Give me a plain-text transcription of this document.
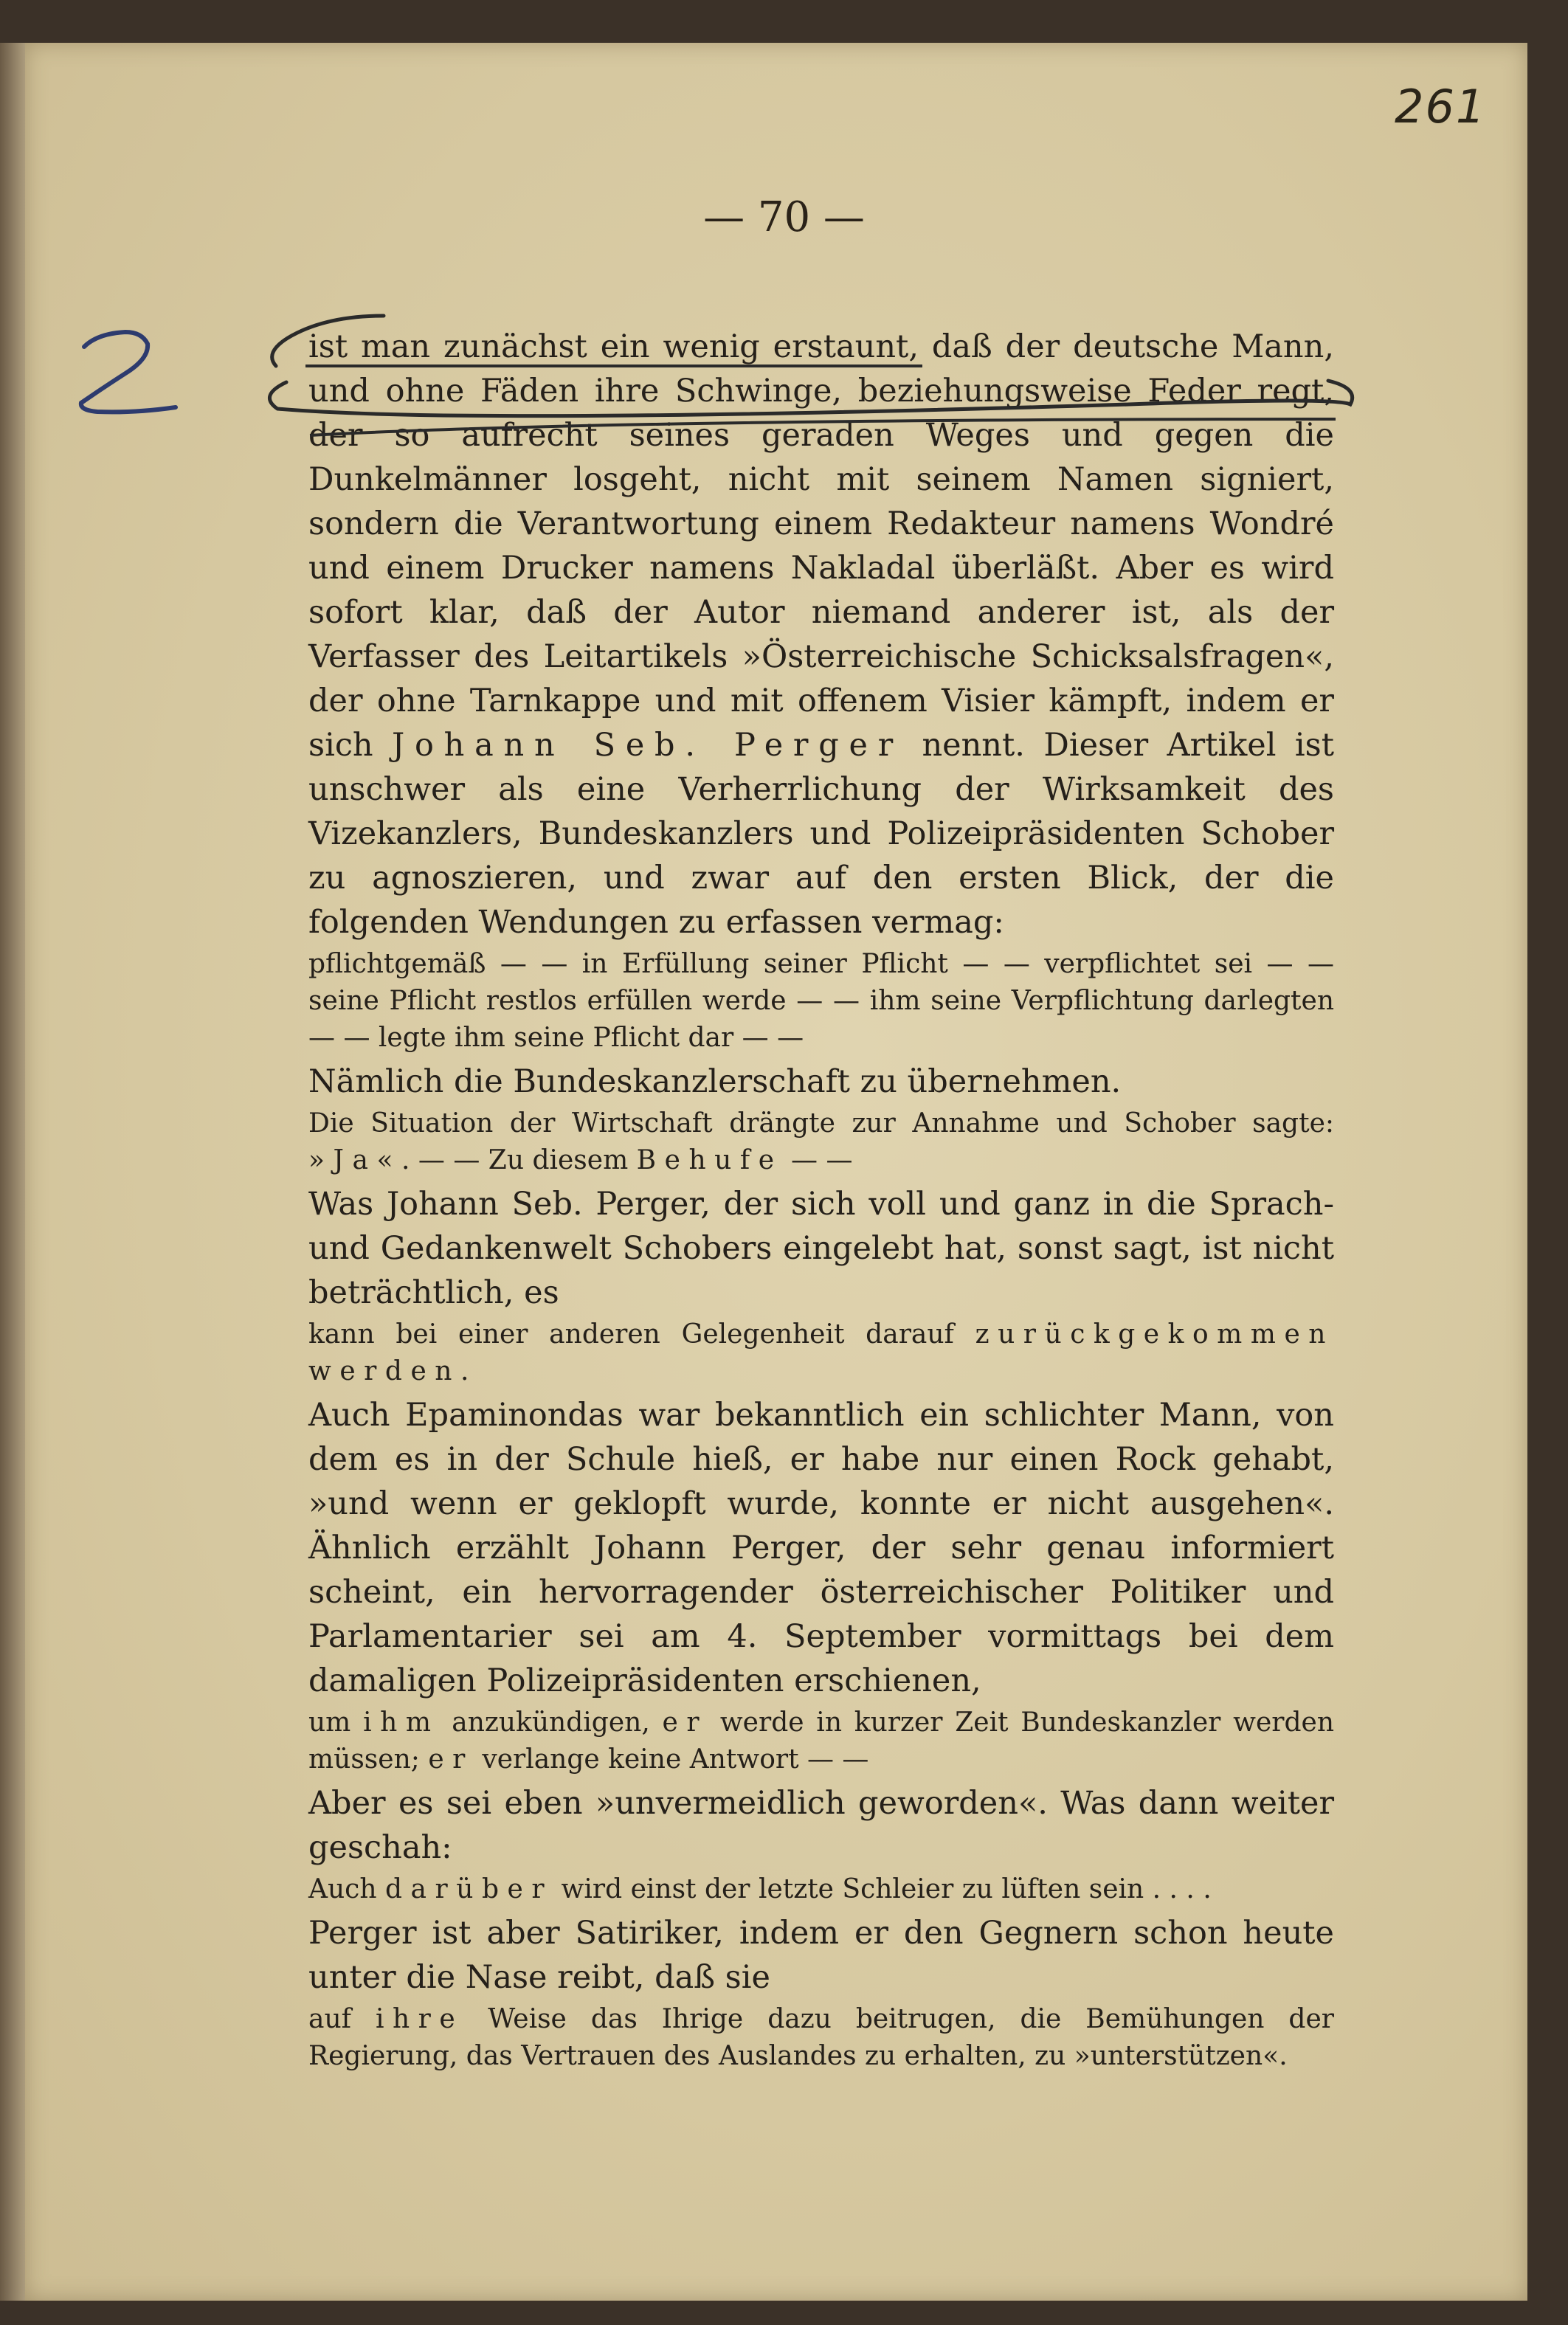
261
— 70 —

ist man zunächst ein wenig erstaunt, daß der deutsche Mann, und ohne Fäden ihre Schwinge, beziehungsweise Feder regt, der so aufrecht seines geraden Weges und gegen die Dunkelmänner losgeht, nicht mit seinem Namen signiert, sondern die Verantwortung einem Redakteur namens Wondré und einem Drucker namens Nakladal überläßt. Aber es wird sofort klar, daß der Autor niemand anderer ist, als der Verfasser des Leitartikels »Österreichische Schicksalsfragen«, der ohne Tarnkappe und mit offenem Visier kämpft, indem er sich Johann Seb. Perger nennt. Dieser Artikel ist unschwer als eine Verherrlichung der Wirksamkeit des Vizekanzlers, Bundeskanzlers und Polizeipräsidenten Schober zu agnoszieren, und zwar auf den ersten Blick, der die folgenden Wendungen zu erfassen vermag:

pflichtgemäß — — in Erfüllung seiner Pflicht — — verpflichtet sei — — seine Pflicht restlos erfüllen werde — — ihm seine Verpflichtung darlegten — — legte ihm seine Pflicht dar — —

Nämlich die Bundeskanzlerschaft zu übernehmen.

Die Situation der Wirtschaft drängte zur Annahme und Schober sagte: »Ja«. — — Zu diesem Behufe — —

Was Johann Seb. Perger, der sich voll und ganz in die Sprach- und Gedankenwelt Schobers eingelebt hat, sonst sagt, ist nicht beträchtlich, es

kann bei einer anderen Gelegenheit darauf zurückgekommen werden.

Auch Epaminondas war bekanntlich ein schlichter Mann, von dem es in der Schule hieß, er habe nur einen Rock gehabt, »und wenn er geklopft wurde, konnte er nicht ausgehen«. Ähnlich erzählt Johann Perger, der sehr genau informiert scheint, ein hervorragender österreichischer Politiker und Parlamentarier sei am 4. September vormittags bei dem damaligen Polizeipräsidenten erschienen,

um ihm anzukündigen, er werde in kurzer Zeit Bundeskanzler werden müssen; er verlange keine Antwort — —

Aber es sei eben »unvermeidlich geworden«. Was dann weiter geschah:

Auch darüber wird einst der letzte Schleier zu lüften sein . . . .

Perger ist aber Satiriker, indem er den Gegnern schon heute unter die Nase reibt, daß sie

auf ihre Weise das Ihrige dazu beitrugen, die Bemühungen der Regierung, das Vertrauen des Auslandes zu erhalten, zu »unterstützen«.
